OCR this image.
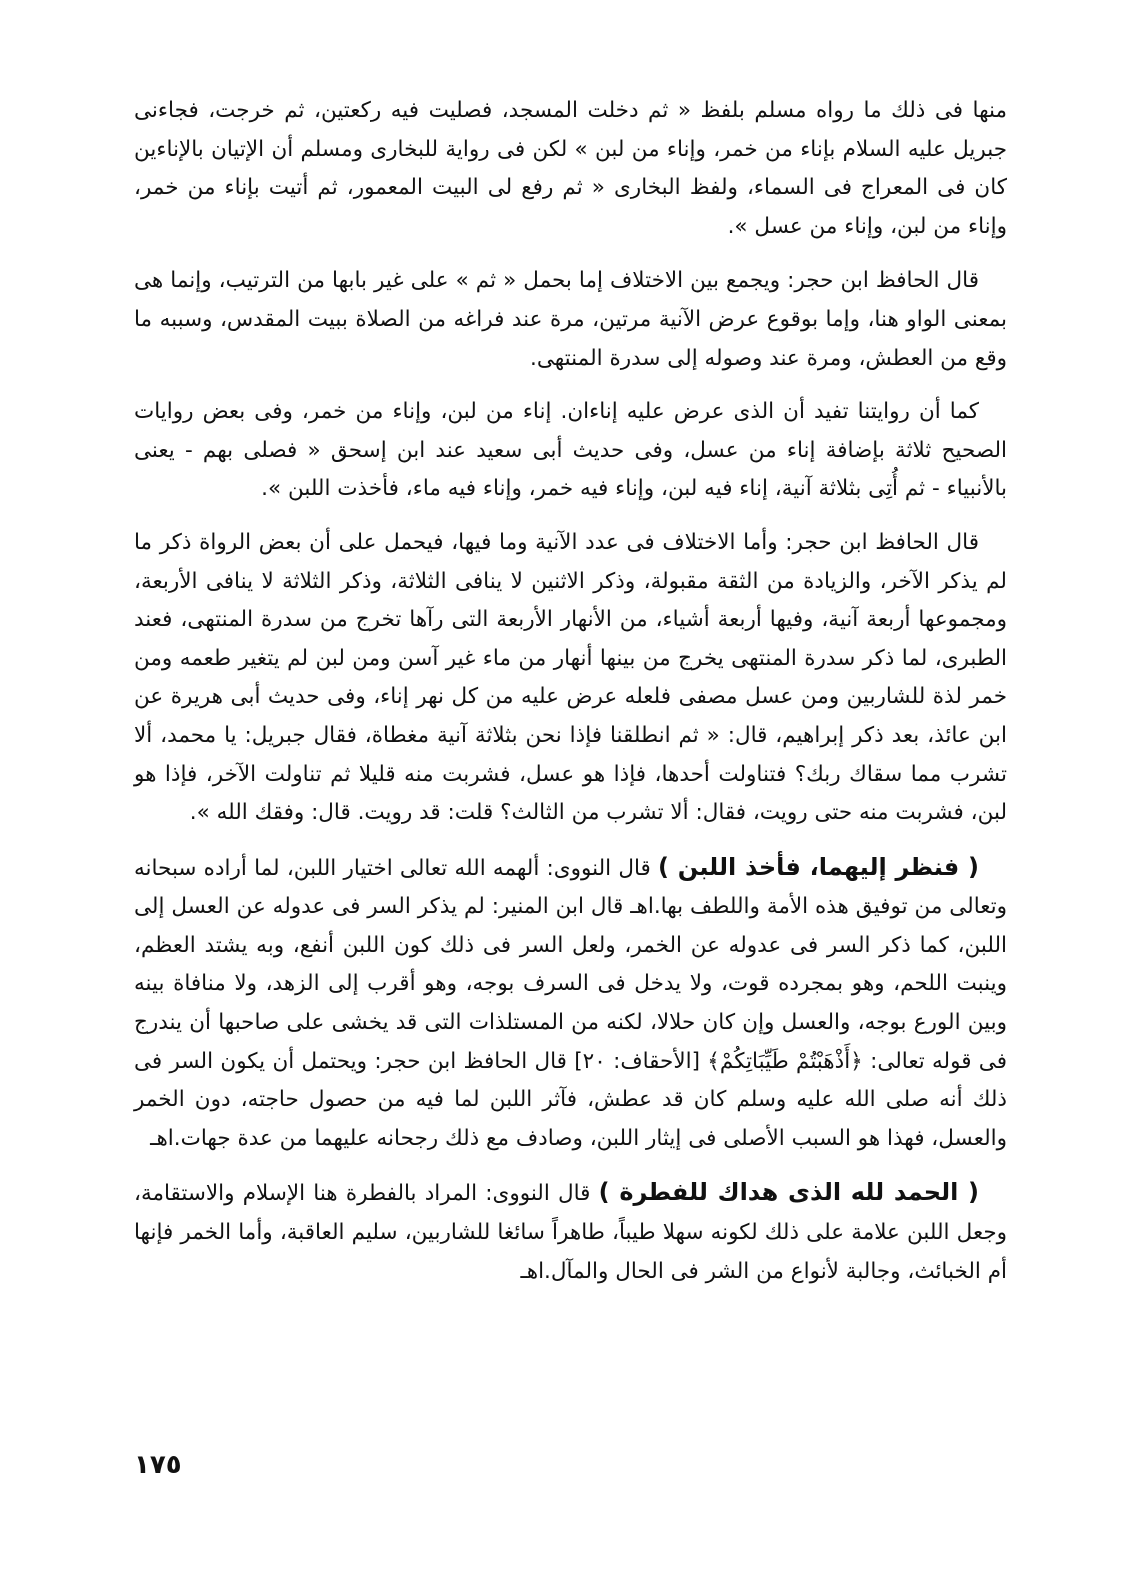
منها فى ذلك ما رواه مسلم بلفظ « ثم دخلت المسجد، فصليت فيه ركعتين، ثم خرجت، فجاءنى جبريل عليه السلام بإناء من خمر، وإناء من لبن » لكن فى رواية للبخارى ومسلم أن الإتيان بالإناءين كان فى المعراج فى السماء، ولفظ البخارى « ثم رفع لى البيت المعمور، ثم أتيت بإناء من خمر، وإناء من لبن، وإناء من عسل ».

قال الحافظ ابن حجر: ويجمع بين الاختلاف إما بحمل « ثم » على غير بابها من الترتيب، وإنما هى بمعنى الواو هنا، وإما بوقوع عرض الآنية مرتين، مرة عند فراغه من الصلاة ببيت المقدس، وسببه ما وقع من العطش، ومرة عند وصوله إلى سدرة المنتهى.

كما أن روايتنا تفيد أن الذى عرض عليه إناءان. إناء من لبن، وإناء من خمر، وفى بعض روايات الصحيح ثلاثة بإضافة إناء من عسل، وفى حديث أبى سعيد عند ابن إسحق « فصلى بهم - يعنى بالأنبياء - ثم أُتِى بثلاثة آنية، إناء فيه لبن، وإناء فيه خمر، وإناء فيه ماء، فأخذت اللبن ».

قال الحافظ ابن حجر: وأما الاختلاف فى عدد الآنية وما فيها، فيحمل على أن بعض الرواة ذكر ما لم يذكر الآخر، والزيادة من الثقة مقبولة، وذكر الاثنين لا ينافى الثلاثة، وذكر الثلاثة لا ينافى الأربعة، ومجموعها أربعة آنية، وفيها أربعة أشياء، من الأنهار الأربعة التى رآها تخرج من سدرة المنتهى، فعند الطبرى، لما ذكر سدرة المنتهى يخرج من بينها أنهار من ماء غير آسن ومن لبن لم يتغير طعمه ومن خمر لذة للشاربين ومن عسل مصفى فلعله عرض عليه من كل نهر إناء، وفى حديث أبى هريرة عن ابن عائذ، بعد ذكر إبراهيم، قال: « ثم انطلقنا فإذا نحن بثلاثة آنية مغطاة، فقال جبريل: يا محمد، ألا تشرب مما سقاك ربك؟ فتناولت أحدها، فإذا هو عسل، فشربت منه قليلا ثم تناولت الآخر، فإذا هو لبن، فشربت منه حتى رويت، فقال: ألا تشرب من الثالث؟ قلت: قد رويت. قال: وفقك الله ».

( فنظر إليهما، فأخذ اللبن ) قال النووى: ألهمه الله تعالى اختيار اللبن، لما أراده سبحانه وتعالى من توفيق هذه الأمة واللطف بها.اهـ قال ابن المنير: لم يذكر السر فى عدوله عن العسل إلى اللبن، كما ذكر السر فى عدوله عن الخمر، ولعل السر فى ذلك كون اللبن أنفع، وبه يشتد العظم، وينبت اللحم، وهو بمجرده قوت، ولا يدخل فى السرف بوجه، وهو أقرب إلى الزهد، ولا منافاة بينه وبين الورع بوجه، والعسل وإن كان حلالا، لكنه من المستلذات التى قد يخشى على صاحبها أن يندرج فى قوله تعالى: ﴿أَذْهَبْتُمْ طَيِّبَاتِكُمْ﴾ [الأحقاف: ٢٠] قال الحافظ ابن حجر: ويحتمل أن يكون السر فى ذلك أنه صلى الله عليه وسلم كان قد عطش، فآثر اللبن لما فيه من حصول حاجته، دون الخمر والعسل، فهذا هو السبب الأصلى فى إيثار اللبن، وصادف مع ذلك رجحانه عليهما من عدة جهات.اهـ

( الحمد لله الذى هداك للفطرة ) قال النووى: المراد بالفطرة هنا الإسلام والاستقامة، وجعل اللبن علامة على ذلك لكونه سهلا طيباً، طاهراً سائغا للشاربين، سليم العاقبة، وأما الخمر فإنها أم الخبائث، وجالبة لأنواع من الشر فى الحال والمآل.اهـ

١٧٥
